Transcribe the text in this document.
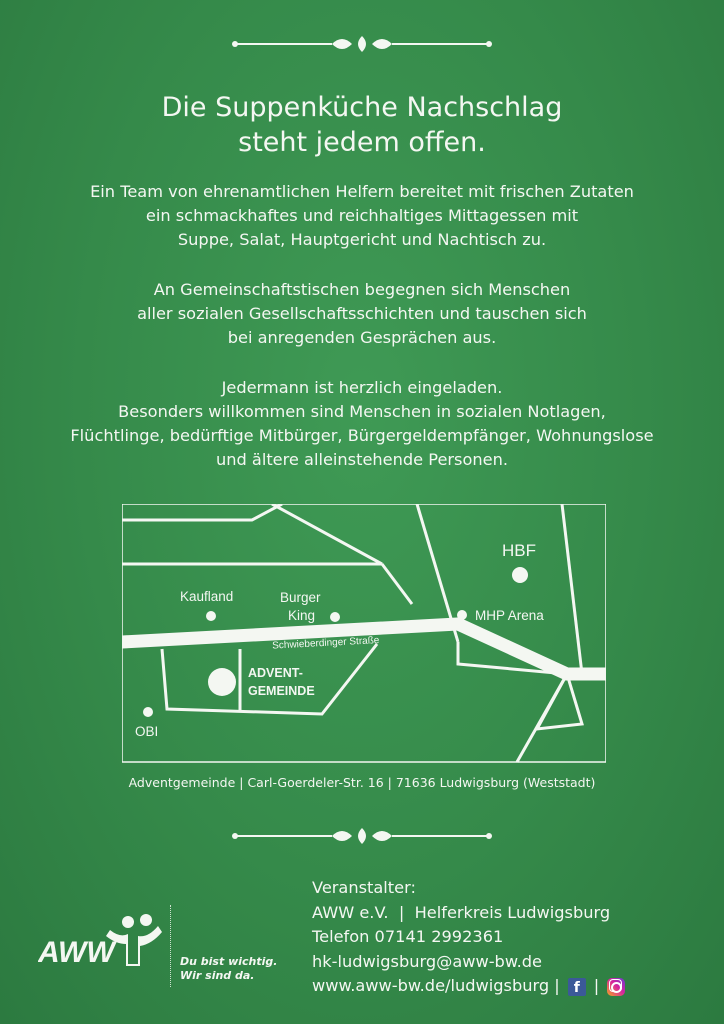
Die Suppenküche Nachschlag
steht jedem offen.

Ein Team von ehrenamtlichen Helfern bereitet mit frischen Zutaten
ein schmackhaftes und reichhaltiges Mittagessen mit
Suppe, Salat, Hauptgericht und Nachtisch zu.

An Gemeinschaftstischen begegnen sich Menschen
aller sozialen Gesellschaftsschichten und tauschen sich
bei anregenden Gesprächen aus.

Jedermann ist herzlich eingeladen.
Besonders willkommen sind Menschen in sozialen Notlagen,
Flüchtlinge, bedürftige Mitbürger, Bürgergeldempfänger, Wohnungslose
und ältere alleinstehende Personen.

HBF
Kaufland	Burger
King	MHP Arena
Schwieberdinger Straße
ADVENT-
GEMEINDE
OBI
Adventgemeinde | Carl-Goerdeler-Str. 16 | 71636 Ludwigsburg (Weststadt)
AWW	Du bist wichtig.
Wir sind da.
Veranstalter:
AWW e.V.  |  Helferkreis Ludwigsburg
Telefon 07141 2992361
hk-ludwigsburg@aww-bw.de
www.aww-bw.de/ludwigsburg | f |
